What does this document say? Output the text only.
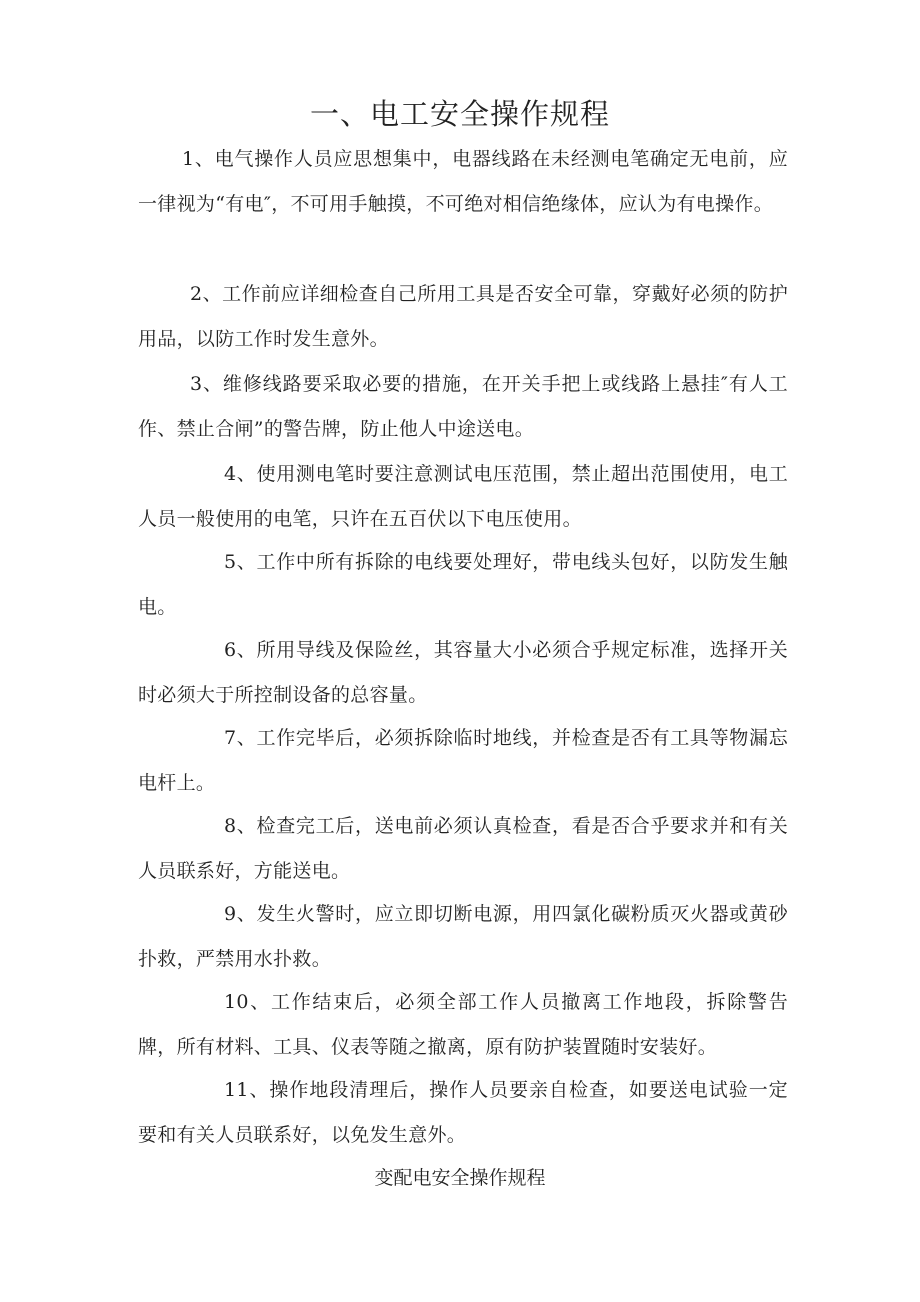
一、电工安全操作规程

1、电气操作人员应思想集中，电器线路在未经测电笔确定无电前，应一律视为“有电″，不可用手触摸，不可绝对相信绝缘体，应认为有电操作。

2、工作前应详细检查自己所用工具是否安全可靠，穿戴好必须的防护用品，以防工作时发生意外。

3、维修线路要采取必要的措施，在开关手把上或线路上悬挂″有人工作、禁止合闸”的警告牌，防止他人中途送电。

4、使用测电笔时要注意测试电压范围，禁止超出范围使用，电工人员一般使用的电笔，只许在五百伏以下电压使用。

5、工作中所有拆除的电线要处理好，带电线头包好，以防发生触电。

6、所用导线及保险丝，其容量大小必须合乎规定标准，选择开关时必须大于所控制设备的总容量。

7、工作完毕后，必须拆除临时地线，并检查是否有工具等物漏忘电杆上。

8、检查完工后，送电前必须认真检查，看是否合乎要求并和有关人员联系好，方能送电。

9、发生火警时，应立即切断电源，用四氯化碳粉质灭火器或黄砂扑救，严禁用水扑救。

10、工作结束后，必须全部工作人员撤离工作地段，拆除警告牌，所有材料、工具、仪表等随之撤离，原有防护装置随时安装好。

11、操作地段清理后，操作人员要亲自检查，如要送电试验一定要和有关人员联系好，以免发生意外。

变配电安全操作规程
